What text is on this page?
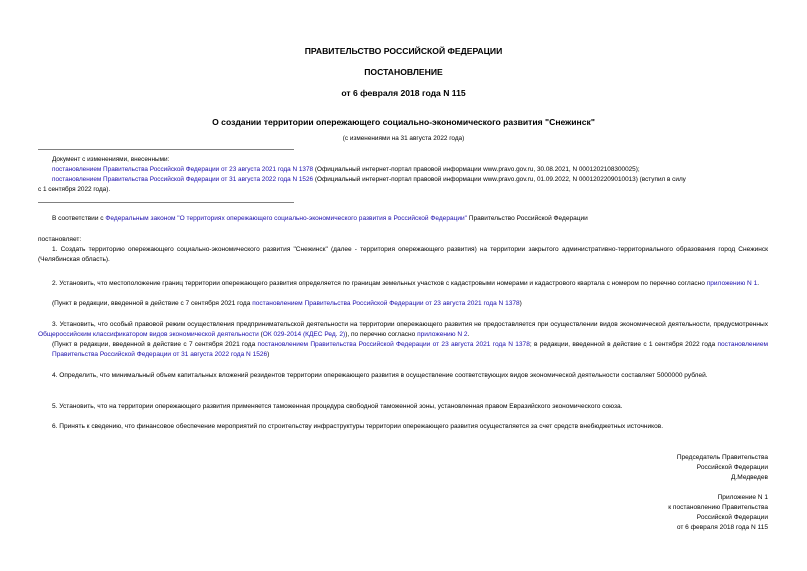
ПРАВИТЕЛЬСТВО РОССИЙСКОЙ ФЕДЕРАЦИИ
ПОСТАНОВЛЕНИЕ
от 6 февраля 2018 года N 115
О создании территории опережающего социально-экономического развития "Снежинск"
(с изменениями на 31 августа 2022 года)
Документ с изменениями, внесенными:
постановлением Правительства Российской Федерации от 23 августа 2021 года N 1378 (Официальный интернет-портал правовой информации www.pravo.gov.ru, 30.08.2021, N 0001202108300025);
постановлением Правительства Российской Федерации от 31 августа 2022 года N 1526 (Официальный интернет-портал правовой информации www.pravo.gov.ru, 01.09.2022, N 0001202209010013) (вступил в силу
с 1 сентября 2022 года).
В соответствии с Федеральным законом "О территориях опережающего социально-экономического развития в Российской Федерации" Правительство Российской Федерации
постановляет:
1. Создать территорию опережающего социально-экономического развития "Снежинск" (далее - территория опережающего развития) на территории закрытого административно-территориального образования город Снежинск (Челябинская область).
2. Установить, что местоположение границ территории опережающего развития определяется по границам земельных участков с кадастровыми номерами и кадастрового квартала с номером по перечню согласно приложению N 1.
(Пункт в редакции, введенной в действие с 7 сентября 2021 года постановлением Правительства Российской Федерации от 23 августа 2021 года N 1378)
3. Установить, что особый правовой режим осуществления предпринимательской деятельности на территории опережающего развития не предоставляется при осуществлении видов экономической деятельности, предусмотренных Общероссийским классификатором видов экономической деятельности (ОК 029-2014 (КДЕС Ред. 2)), по перечню согласно приложению N 2.
(Пункт в редакции, введенной в действие с 7 сентября 2021 года постановлением Правительства Российской Федерации от 23 августа 2021 года N 1378; в редакции, введенной в действие с 1 сентября 2022 года постановлением Правительства Российской Федерации от 31 августа 2022 года N 1526)
4. Определить, что минимальный объем капитальных вложений резидентов территории опережающего развития в осуществление соответствующих видов экономической деятельности составляет 5000000 рублей.
5. Установить, что на территории опережающего развития применяется таможенная процедура свободной таможенной зоны, установленная правом Евразийского экономического союза.
6. Принять к сведению, что финансовое обеспечение мероприятий по строительству инфраструктуры территории опережающего развития осуществляется за счет средств внебюджетных источников.
Председатель Правительства
Российской Федерации
Д.Медведев
Приложение N 1
к постановлению Правительства
Российской Федерации
от 6 февраля 2018 года N 115
